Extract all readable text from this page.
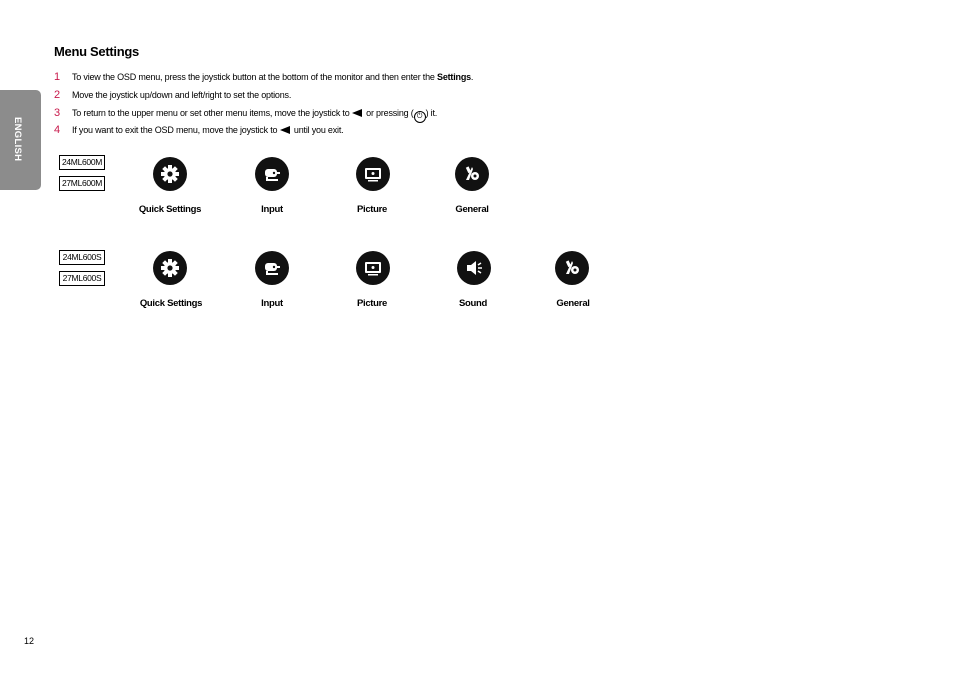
ENGLISH
Menu Settings
1 To view the OSD menu, press the joystick button at the bottom of the monitor and then enter the Settings.
2 Move the joystick up/down and left/right to set the options.
3 To return to the upper menu or set other menu items, move the joystick to  or pressing ( ⏻ ) it.
4 If you want to exit the OSD menu, move the joystick to  until you exit.
24ML600M
27ML600M
Quick Settings	Input	Picture	General
24ML600S
27ML600S
Quick Settings	Input	Picture	Sound	General
12
